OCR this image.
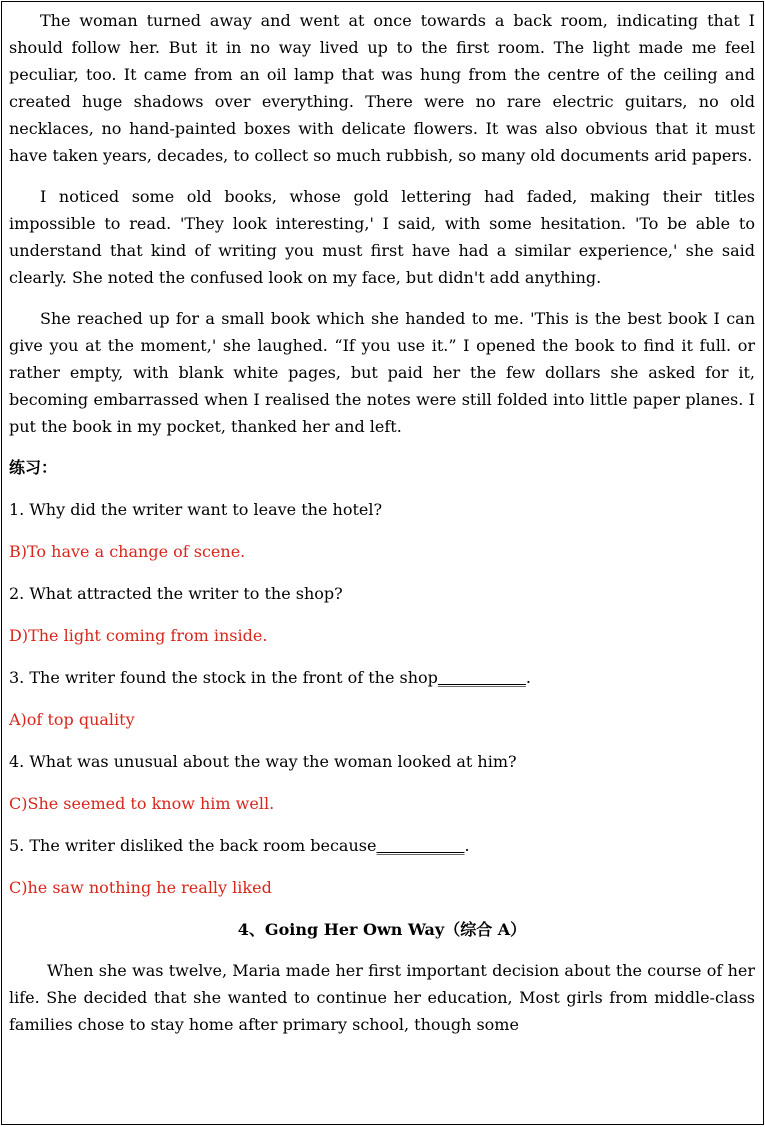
The woman turned away and went at once towards a back room, indicating that I should follow her. But it in no way lived up to the first room. The light made me feel peculiar, too. It came from an oil lamp that was hung from the centre of the ceiling and created huge shadows over everything. There were no rare electric guitars, no old necklaces, no hand-painted boxes with delicate flowers. It was also obvious that it must have taken years, decades, to collect so much rubbish, so many old documents arid papers.

I noticed some old books, whose gold lettering had faded, making their titles impossible to read. 'They look interesting,' I said, with some hesitation. 'To be able to understand that kind of writing you must first have had a similar experience,' she said clearly. She noted the confused look on my face, but didn't add anything.

She reached up for a small book which she handed to me. 'This is the best book I can give you at the moment,' she laughed. “If you use it.” I opened the book to find it full. or rather empty, with blank white pages, but paid her the few dollars she asked for it, becoming embarrassed when I realised the notes were still folded into little paper planes. I put the book in my pocket, thanked her and left.

练习：
1. Why did the writer want to leave the hotel?
B)To have a change of scene.
2. What attracted the writer to the shop?
D)The light coming from inside.
3. The writer found the stock in the front of the shop___________.
A)of top quality
4. What was unusual about the way the woman looked at him?
C)She seemed to know him well.
5. The writer disliked the back room because___________.
C)he saw nothing he really liked
4、Going Her Own Way（综合 A）

When she was twelve, Maria made her first important decision about the course of her life. She decided that she wanted to continue her education, Most girls from middle-class families chose to stay home after primary school, though some
